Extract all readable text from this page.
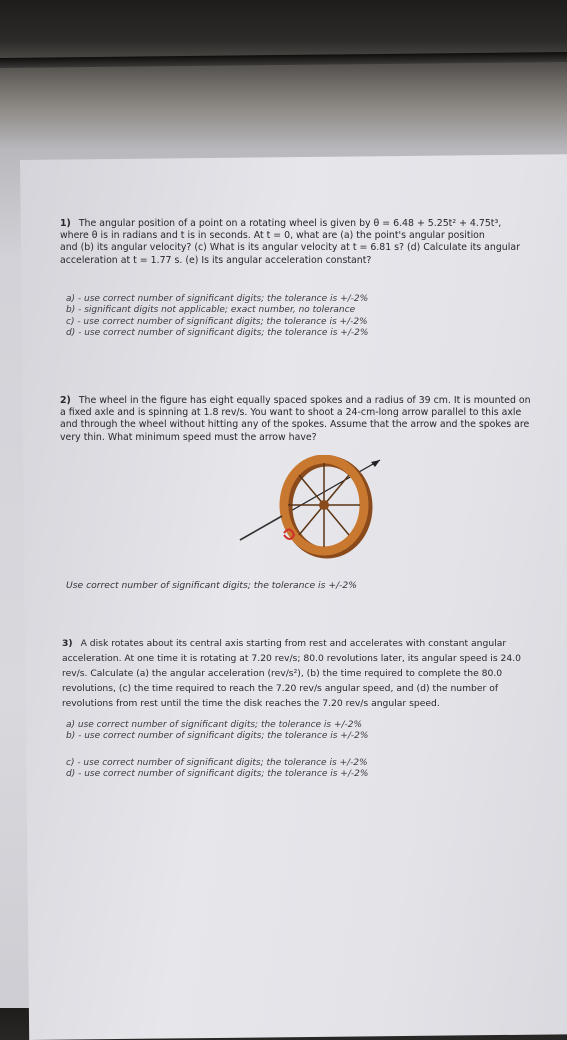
1) The angular position of a point on a rotating wheel is given by θ = 6.48 + 5.25t² + 4.75t³,
where θ is in radians and t is in seconds. At t = 0, what are (a) the point's angular position
and (b) its angular velocity? (c) What is its angular velocity at t = 6.81 s? (d) Calculate its angular
acceleration at t = 1.77 s. (e) Is its angular acceleration constant?
a) - use correct number of significant digits; the tolerance is +/-2%
b) - significant digits not applicable; exact number, no tolerance
c) - use correct number of significant digits; the tolerance is +/-2%
d) - use correct number of significant digits; the tolerance is +/-2%
2) The wheel in the figure has eight equally spaced spokes and a radius of 39 cm. It is mounted on
a fixed axle and is spinning at 1.8 rev/s. You want to shoot a 24-cm-long arrow parallel to this axle
and through the wheel without hitting any of the spokes. Assume that the arrow and the spokes are
very thin. What minimum speed must the arrow have?
Use correct number of significant digits; the tolerance is +/-2%
3) A disk rotates about its central axis starting from rest and accelerates with constant angular
acceleration. At one time it is rotating at 7.20 rev/s; 80.0 revolutions later, its angular speed is 24.0
rev/s. Calculate (a) the angular acceleration (rev/s²), (b) the time required to complete the 80.0
revolutions, (c) the time required to reach the 7.20 rev/s angular speed, and (d) the number of
revolutions from rest until the time the disk reaches the 7.20 rev/s angular speed.
a) use correct number of significant digits; the tolerance is +/-2%
b) - use correct number of significant digits; the tolerance is +/-2%
c) - use correct number of significant digits; the tolerance is +/-2%
d) - use correct number of significant digits; the tolerance is +/-2%
